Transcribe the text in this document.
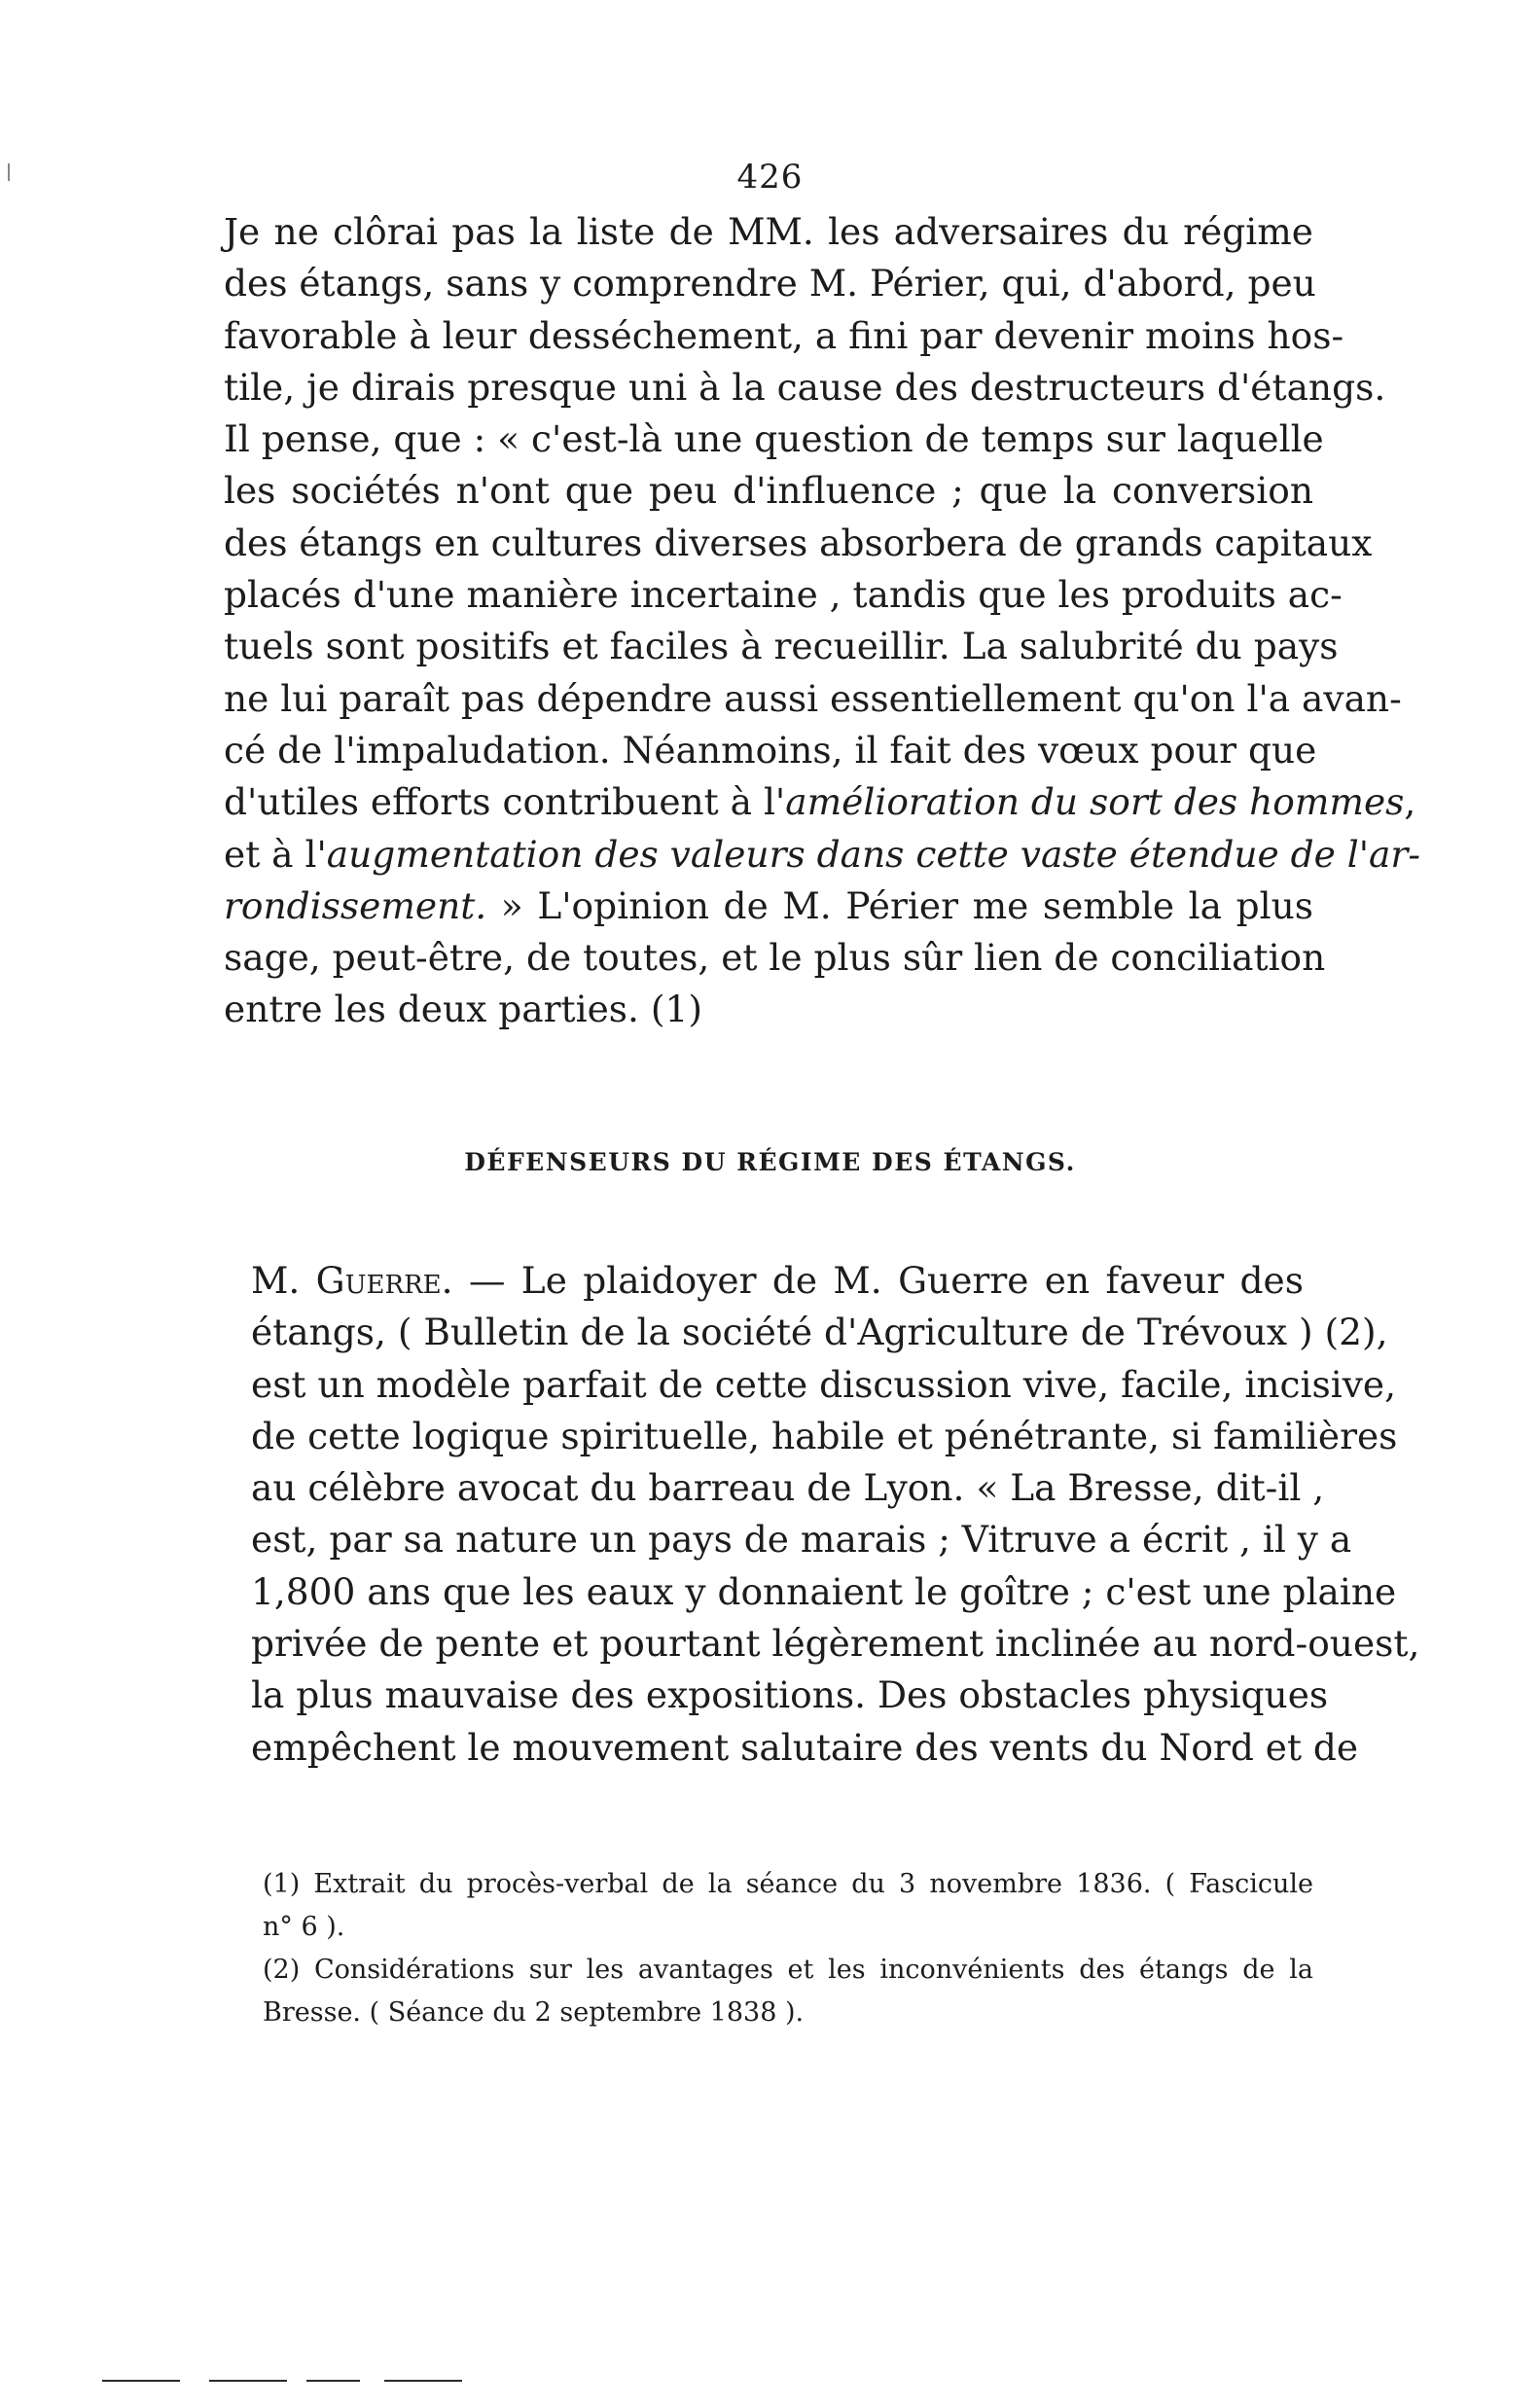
426
Je ne clôrai pas la liste de MM. les adversaires du régime
des étangs, sans y comprendre M. Périer, qui, d'abord, peu
favorable à leur desséchement, a fini par devenir moins hos-
tile, je dirais presque uni à la cause des destructeurs d'étangs.
Il pense, que : « c'est-là une question de temps sur laquelle
les sociétés n'ont que peu d'influence ; que la conversion
des étangs en cultures diverses absorbera de grands capitaux
placés d'une manière incertaine , tandis que les produits ac-
tuels sont positifs et faciles à recueillir. La salubrité du pays
ne lui paraît pas dépendre aussi essentiellement qu'on l'a avan-
cé de l'impaludation. Néanmoins, il fait des vœux pour que
d'utiles efforts contribuent à l'amélioration du sort des hommes,
et à l'augmentation des valeurs dans cette vaste étendue de l'ar-
rondissement. » L'opinion de M. Périer me semble la plus
sage, peut-être, de toutes, et le plus sûr lien de conciliation
entre les deux parties. (1)
DÉFENSEURS DU RÉGIME DES ÉTANGS.
M. Guerre. — Le plaidoyer de M. Guerre en faveur des
étangs, ( Bulletin de la société d'Agriculture de Trévoux ) (2),
est un modèle parfait de cette discussion vive, facile, incisive,
de cette logique spirituelle, habile et pénétrante, si familières
au célèbre avocat du barreau de Lyon. « La Bresse, dit-il ,
est, par sa nature un pays de marais ; Vitruve a écrit , il y a
1,800 ans que les eaux y donnaient le goître ; c'est une plaine
privée de pente et pourtant légèrement inclinée au nord-ouest,
la plus mauvaise des expositions. Des obstacles physiques
empêchent le mouvement salutaire des vents du Nord et de
(1) Extrait du procès-verbal de la séance du 3 novembre 1836. ( Fascicule
n° 6 ).
(2) Considérations sur les avantages et les inconvénients des étangs de la
Bresse. ( Séance du 2 septembre 1838 ).
